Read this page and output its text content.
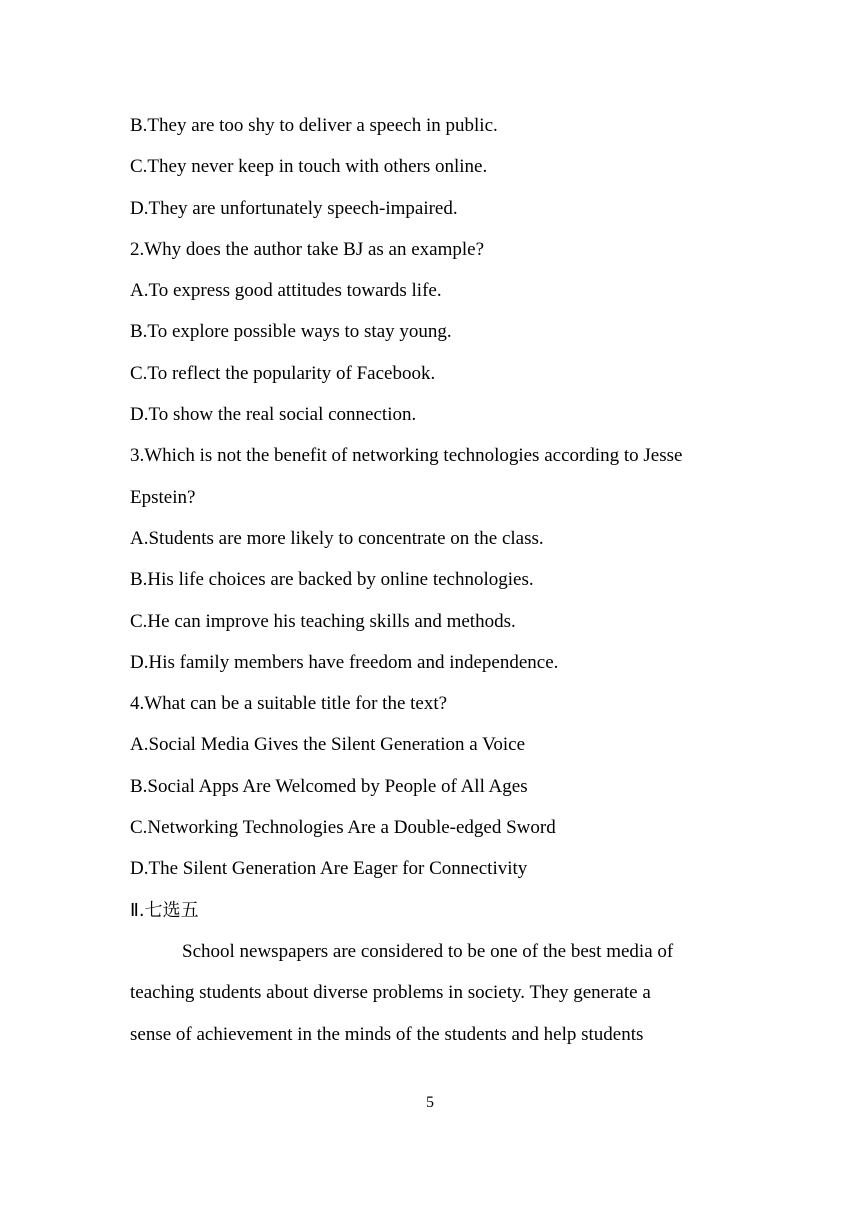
B.They are too shy to deliver a speech in public.
C.They never keep in touch with others online.
D.They are unfortunately speech-impaired.
2.Why does the author take BJ as an example?
A.To express good attitudes towards life.
B.To explore possible ways to stay young.
C.To reflect the popularity of Facebook.
D.To show the real social connection.
3.Which is not the benefit of networking technologies according to Jesse
Epstein?
A.Students are more likely to concentrate on the class.
B.His life choices are backed by online technologies.
C.He can improve his teaching skills and methods.
D.His family members have freedom and independence.
4.What can be a suitable title for the text?
A.Social Media Gives the Silent Generation a Voice
B.Social Apps Are Welcomed by People of All Ages
C.Networking Technologies Are a Double-edged Sword
D.The Silent Generation Are Eager for Connectivity
Ⅱ.七选五
School newspapers are considered to be one of the best media of
teaching students about diverse problems in society. They generate a
sense of achievement in the minds of the students and help students
5
